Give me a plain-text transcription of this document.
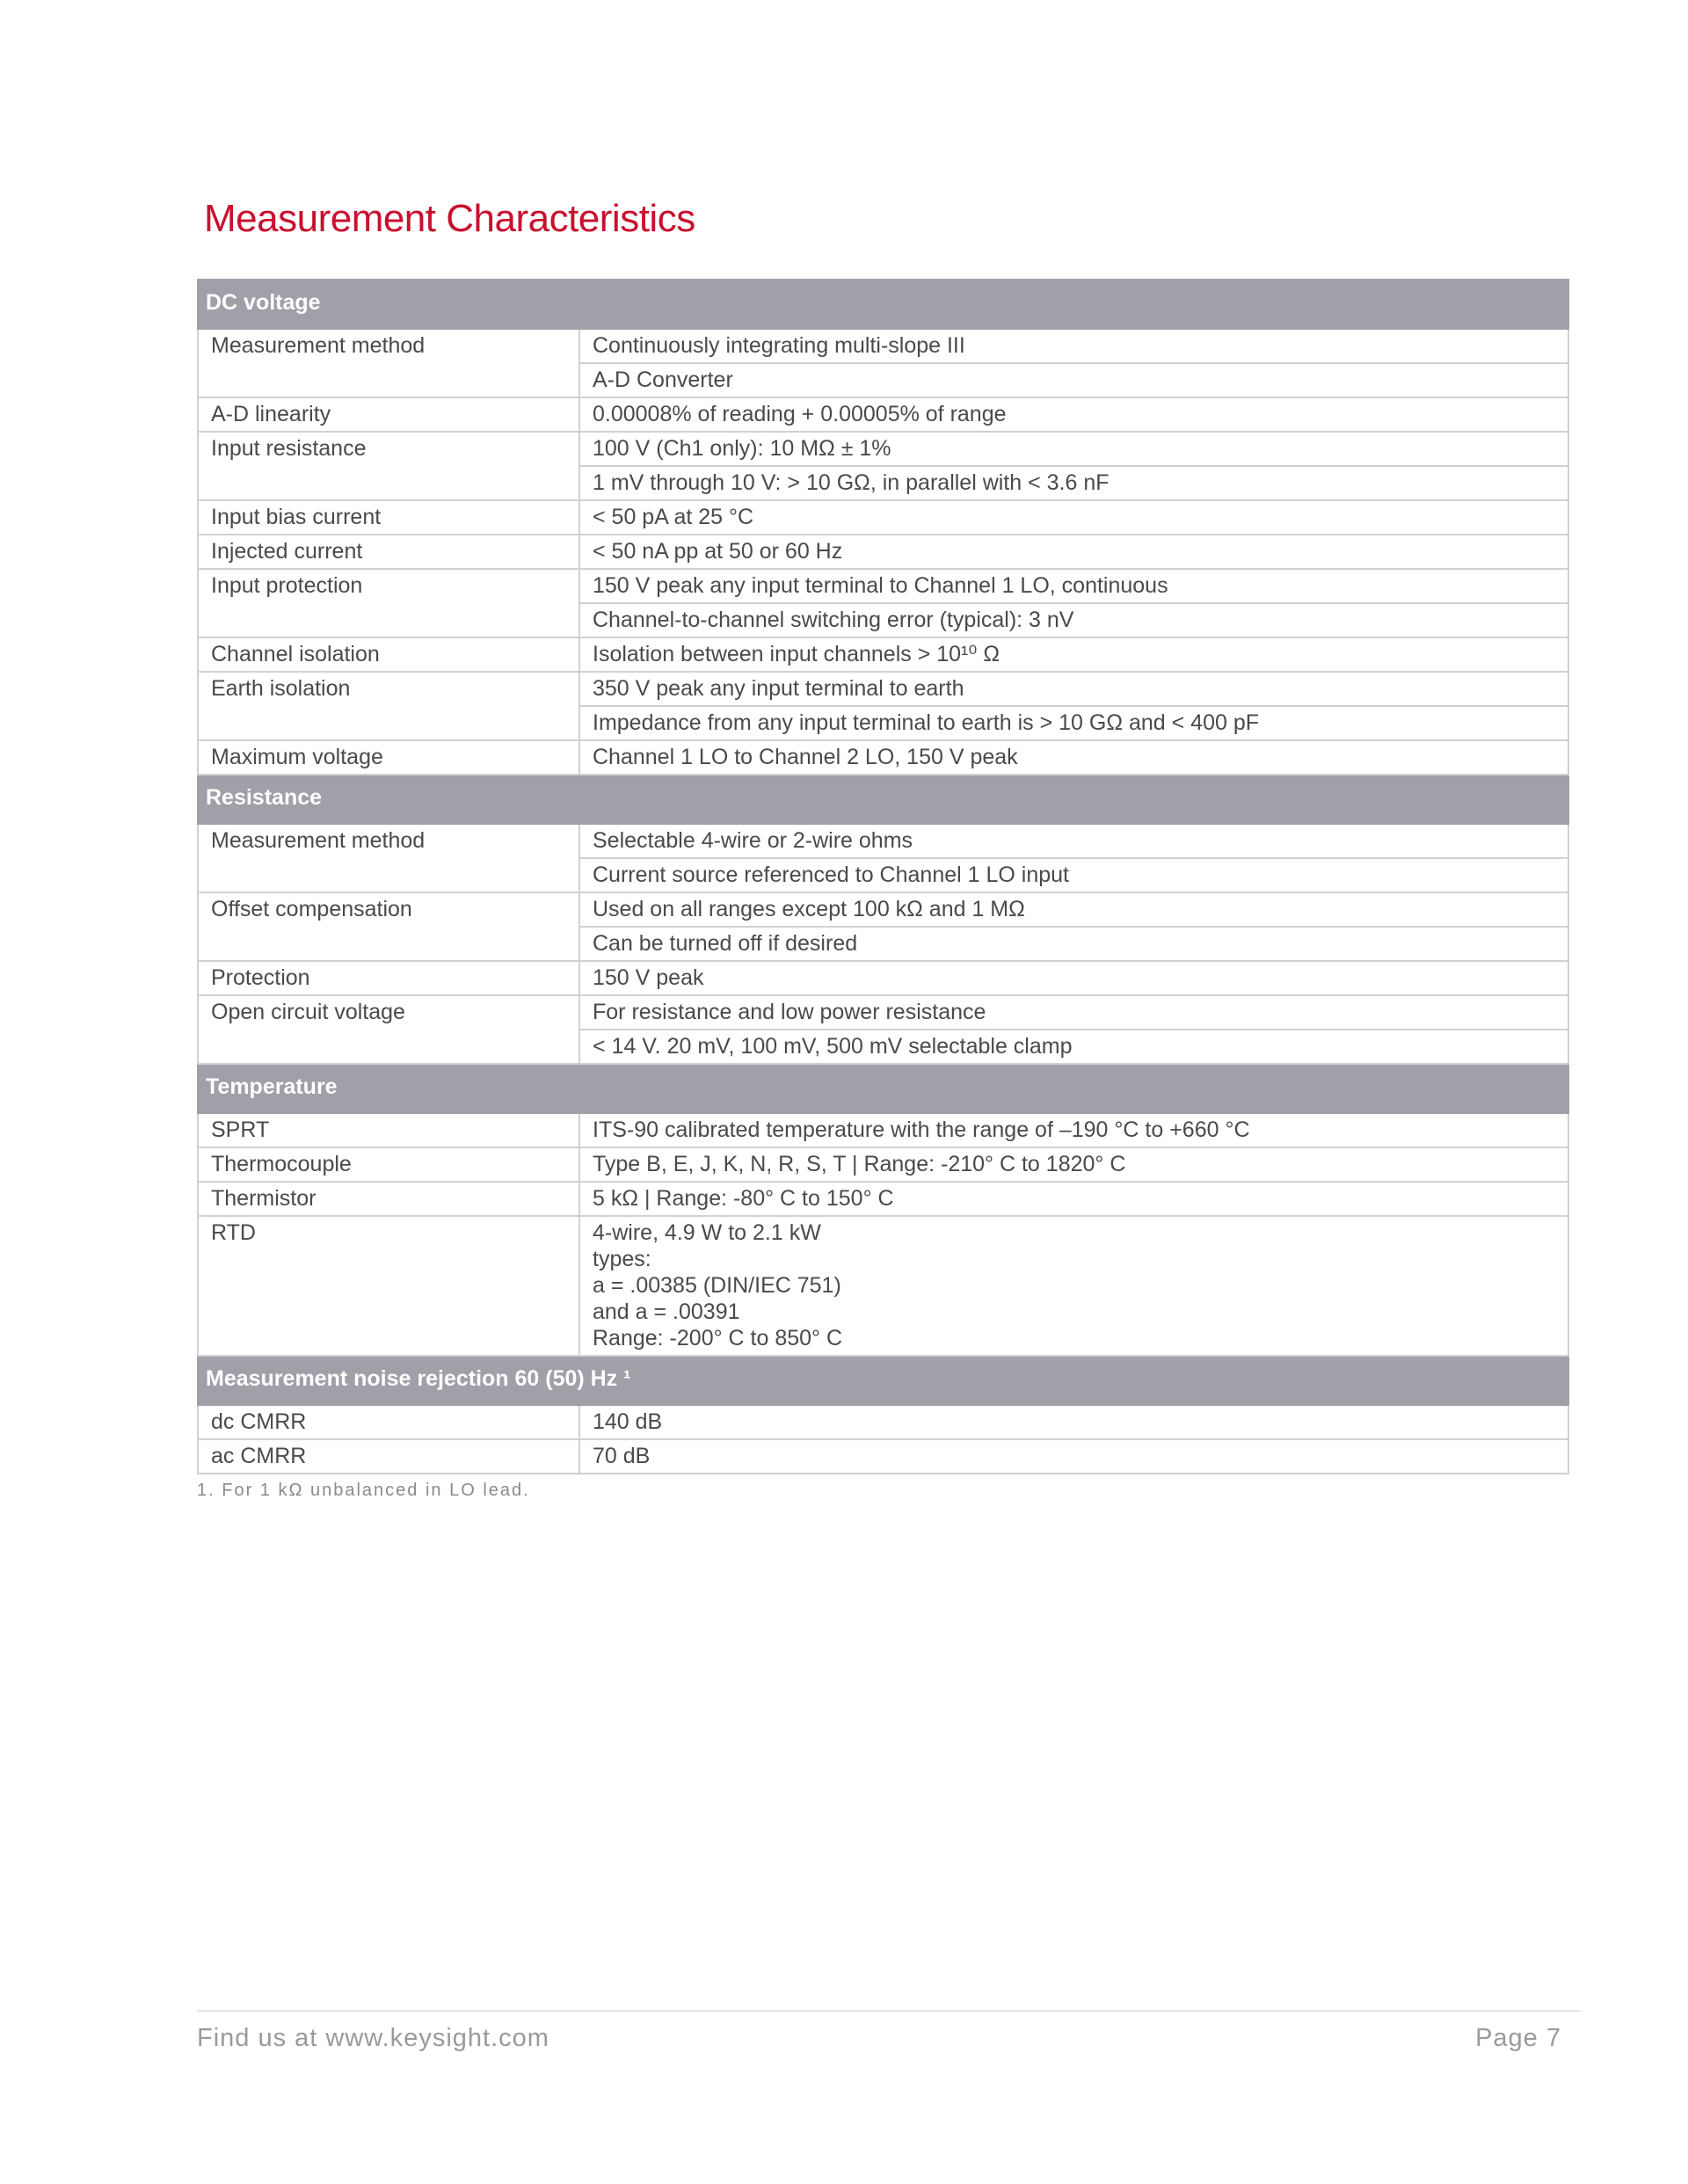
Measurement Characteristics
DC voltage	
Measurement method	Continuously integrating multi-slope III
	A-D Converter
A-D linearity	0.00008% of reading + 0.00005% of range
Input resistance	100 V (Ch1 only): 10 MΩ ± 1%
	1 mV through 10 V: > 10 GΩ, in parallel with < 3.6 nF
Input bias current	< 50 pA at 25 °C
Injected current	< 50 nA pp at 50 or 60 Hz
Input protection	150 V peak any input terminal to Channel 1 LO, continuous
	Channel-to-channel switching error (typical): 3 nV
Channel isolation	Isolation between input channels > 10¹⁰ Ω
Earth isolation	350 V peak any input terminal to earth
	Impedance from any input terminal to earth is > 10 GΩ and < 400 pF
Maximum voltage	Channel 1 LO to Channel 2 LO, 150 V peak
Resistance	
Measurement method	Selectable 4-wire or 2-wire ohms
	Current source referenced to Channel 1 LO input
Offset compensation	Used on all ranges except 100 kΩ and 1 MΩ
	Can be turned off if desired
Protection	150 V peak
Open circuit voltage	For resistance and low power resistance
	< 14 V. 20 mV, 100 mV, 500 mV selectable clamp
Temperature	
SPRT	ITS-90 calibrated temperature with the range of –190 °C to +660 °C
Thermocouple	Type B, E, J, K, N, R, S, T | Range: -210° C to 1820° C
Thermistor	5 kΩ | Range: -80° C to 150° C
RTD	4-wire, 4.9 W to 2.1 kW
types:
a = .00385 (DIN/IEC 751)
and a = .00391
Range: -200° C to 850° C
Measurement noise rejection 60 (50) Hz ¹	
dc CMRR	140 dB
ac CMRR	70 dB

1. For 1 kΩ unbalanced in LO lead.

Find us at www.keysight.com	Page 7
